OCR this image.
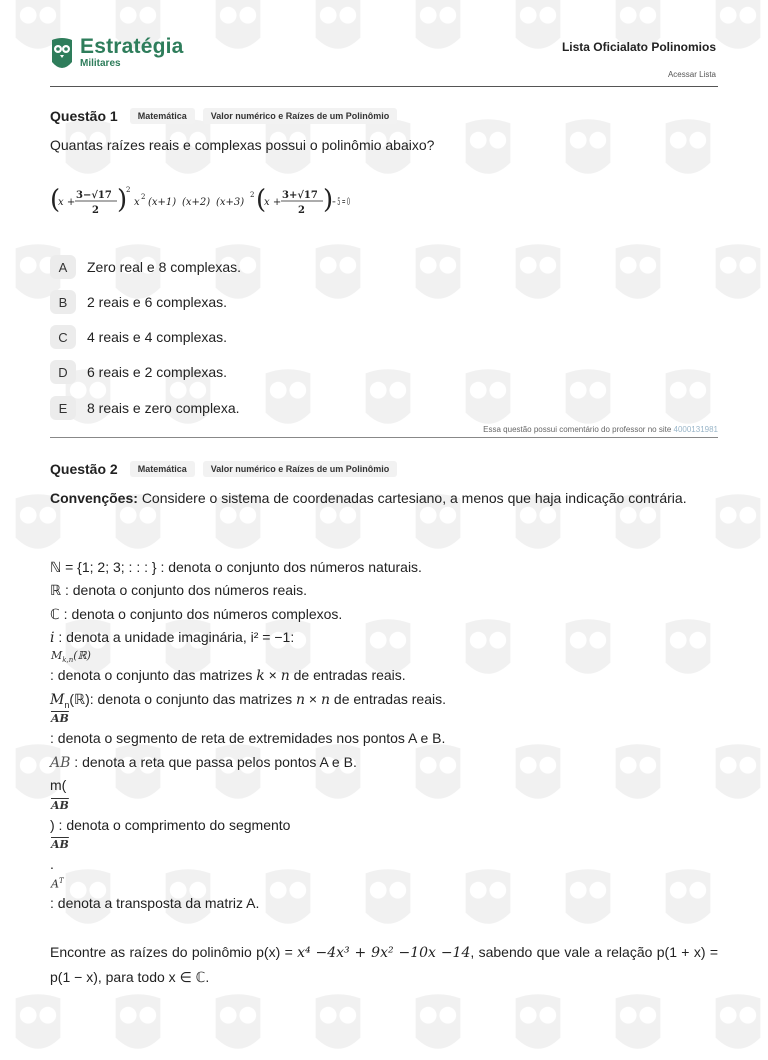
Estratégia
Militares
Lista Oficialato Polinomios
Acessar Lista
Questão 1	Matemática	Valor numérico e Raízes de um Polinômio
Quantas raízes reais e complexas possui o polinômio abaixo?
(
x +
3−√17
2 )
2
x 2 (x+1) (x+2) (x+3)
2 (
x +
3+√17
2 )
− 5 = 0
A	Zero real e 8 complexas.
B	2 reais e 6 complexas.
C	4 reais e 4 complexas.
D	6 reais e 2 complexas.
E	8 reais e zero complexa.
Essa questão possui comentário do professor no site 4000131981
Questão 2	Matemática	Valor numérico e Raízes de um Polinômio
Convenções: Considere o sistema de coordenadas cartesiano, a menos que haja indicação contrária.
ℕ = {1; 2; 3; : : : } : denota o conjunto dos números naturais.
ℝ : denota o conjunto dos números reais.
ℂ : denota o conjunto dos números complexos.
i : denota a unidade imaginária, i² = −1:
$M_{k,n}(ℝ)$
: denota o conjunto das matrizes k × n de entradas reais.
$M_n(ℝ)$: denota o conjunto das matrizes n × n de entradas reais.
$\overline{AB}$
: denota o segmento de reta de extremidades nos pontos A e B.
AB : denota a reta que passa pelos pontos A e B.
m(
$\overline{AB}$
) : denota o comprimento do segmento
$\overline{AB}$
.
$A^T$
: denota a transposta da matriz A.
Encontre as raízes do polinômio p(x) = x⁴ −4x³ + 9x² −10x −14, sabendo que vale a relação p(1 + x) = p(1 − x), para todo x ∈ ℂ.
